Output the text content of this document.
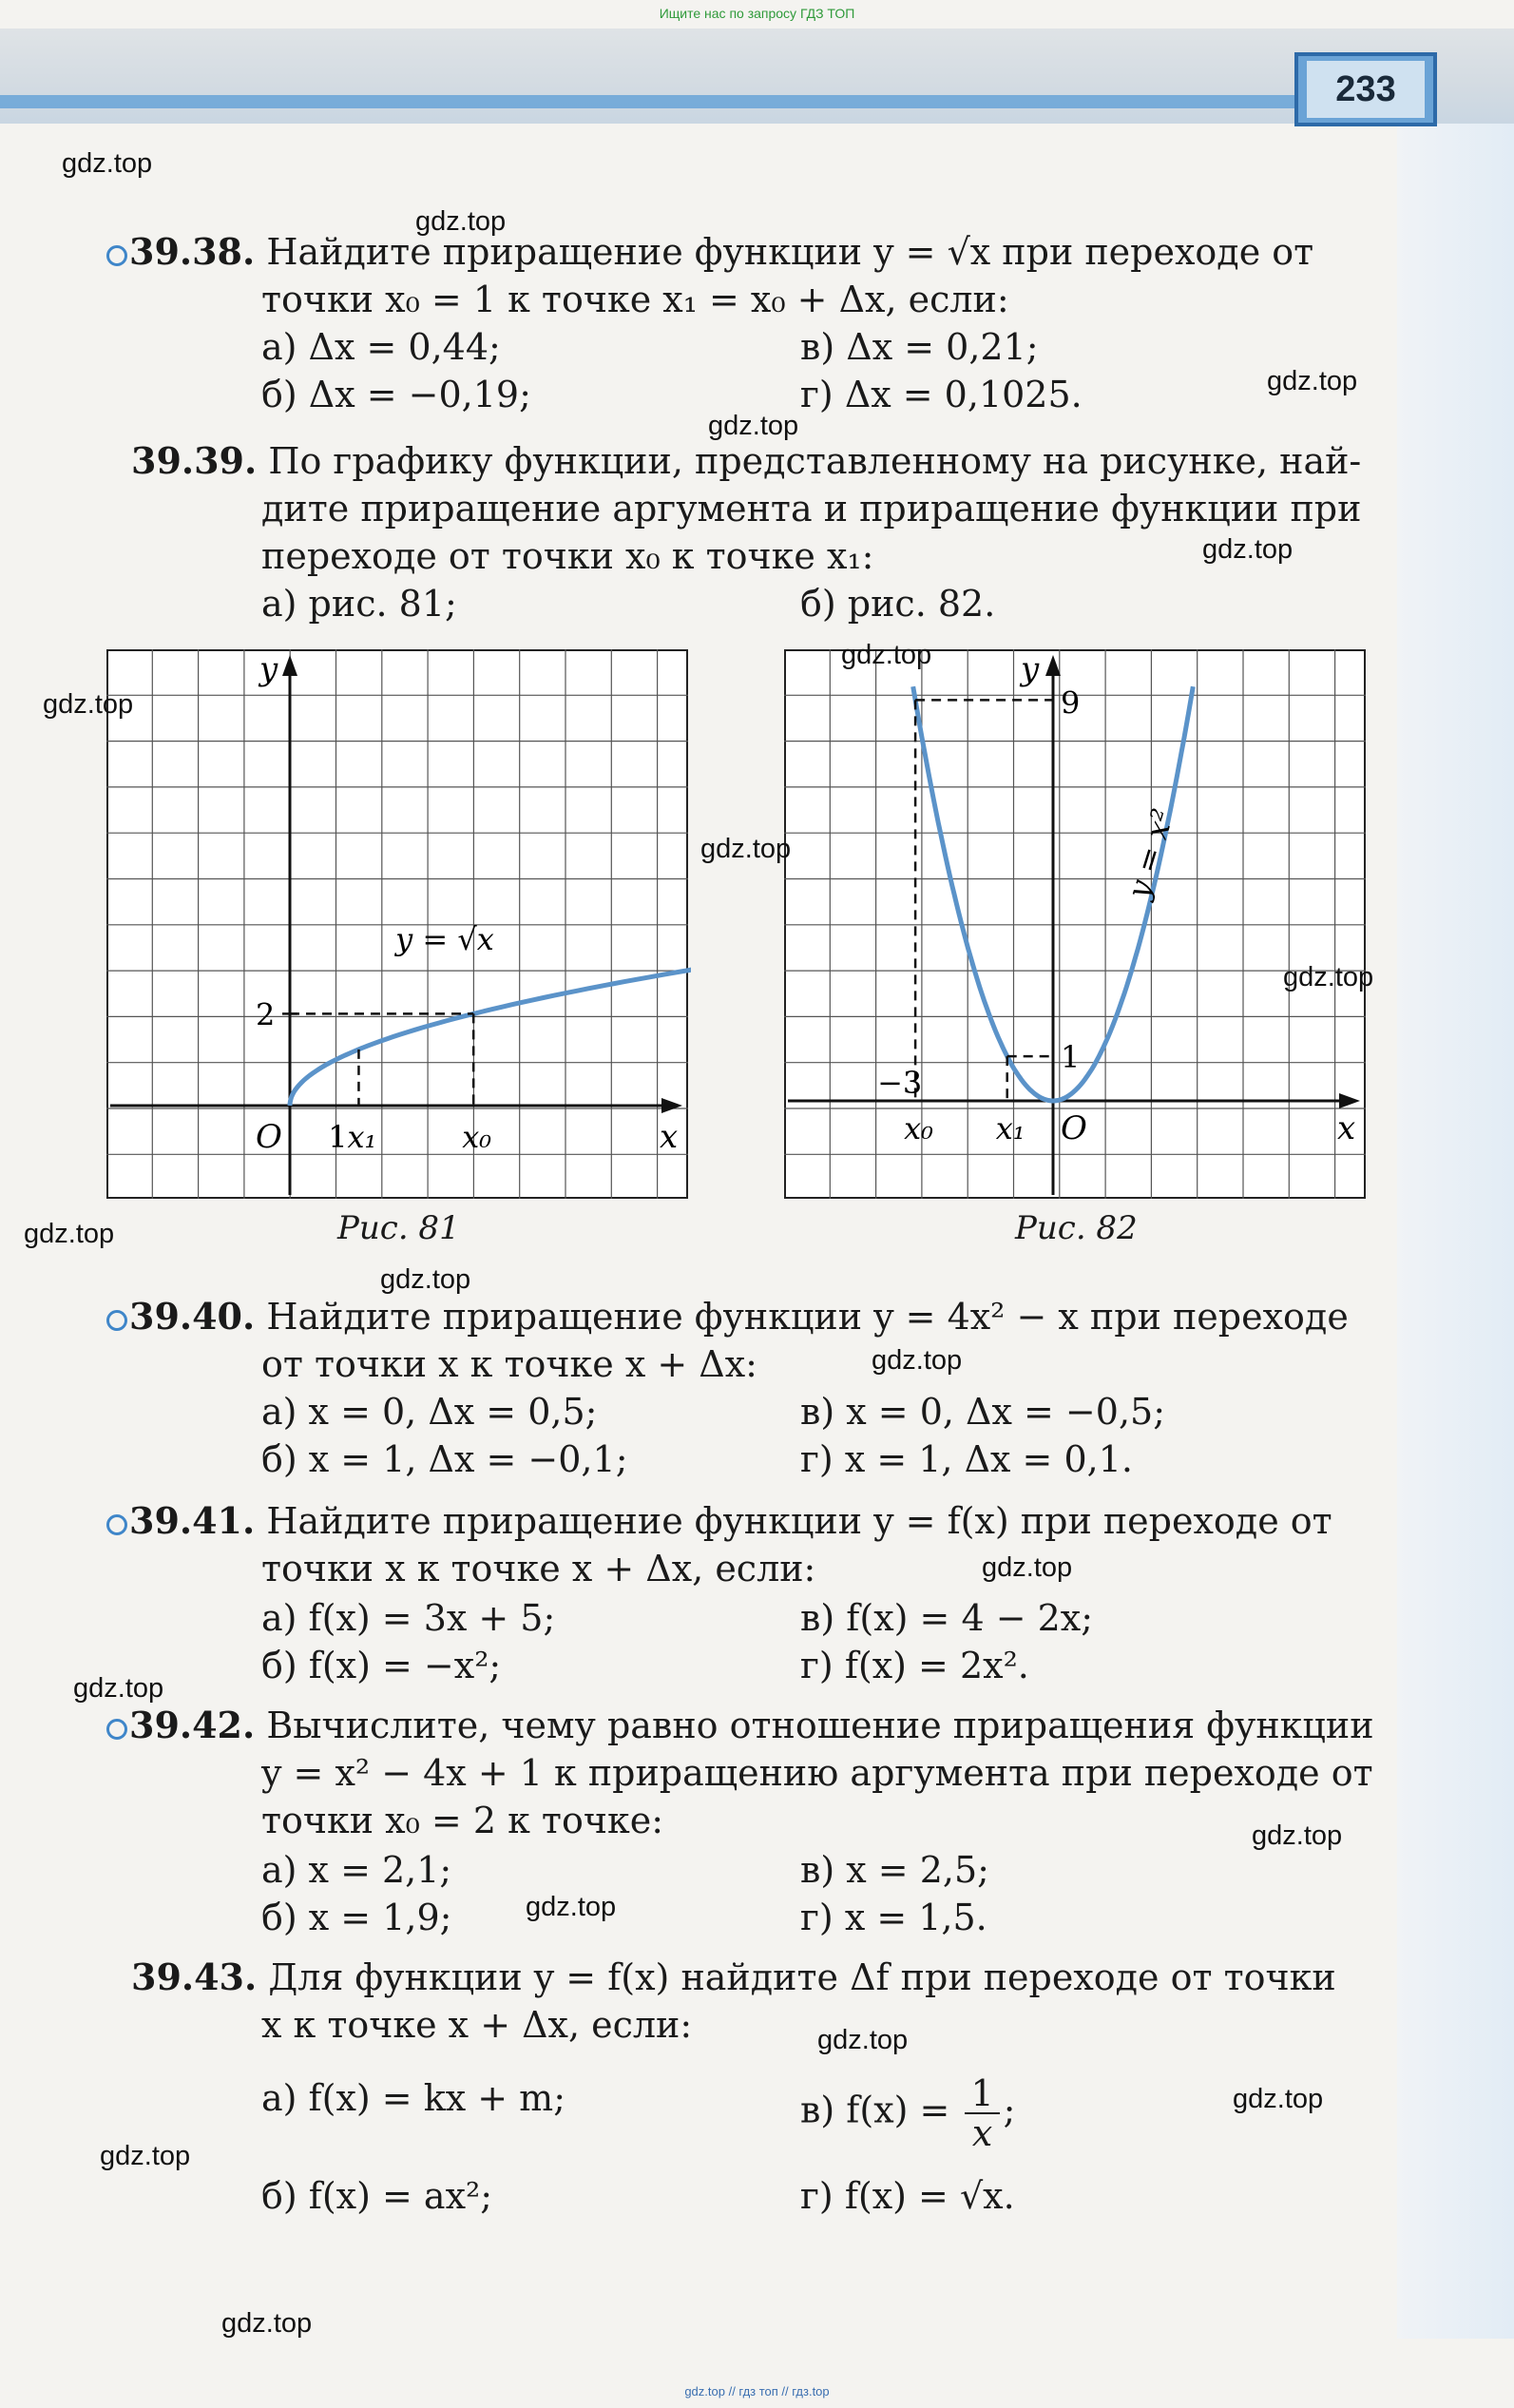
233
Ищите нас по запросу ГДЗ ТОП
gdz.top // гдз топ // гдз.top
39.38. Найдите приращение функции y = √x при переходе от
точки x₀ = 1 к точке x₁ = x₀ + Δx, если:
а) Δx = 0,44;
б) Δx = −0,19;
в) Δx = 0,21;
г) Δx = 0,1025.
39.39. По графику функции, представленному на рисунке, най-
дите приращение аргумента и приращение функции при
переходе от точки x₀ к точке x₁:
а) рис. 81;	б) рис. 82.
y
x
O 1
2
x₁	x₀
y = √x
Рис. 81
y
x
O
9
1
−3
x₀ x₁
y = x²
Рис. 82
39.40. Найдите приращение функции y = 4x² − x при переходе
от точки x к точке x + Δx:
а) x = 0, Δx = 0,5;
б) x = 1, Δx = −0,1;
в) x = 0, Δx = −0,5;
г) x = 1, Δx = 0,1.
39.41. Найдите приращение функции y = f(x) при переходе от
точки x к точке x + Δx, если:
а) f(x) = 3x + 5;
б) f(x) = −x²;
в) f(x) = 4 − 2x;
г) f(x) = 2x².
39.42. Вычислите, чему равно отношение приращения функции
y = x² − 4x + 1 к приращению аргумента при переходе от
точки x₀ = 2 к точке:
а) x = 2,1;
б) x = 1,9;
в) x = 2,5;
г) x = 1,5.
39.43. Для функции y = f(x) найдите Δf при переходе от точки
x к точке x + Δx, если:
а) f(x) = kx + m;
б) f(x) = ax²;
в) $f(x) = \frac{1}{x}$ ;
г) f(x) = √x.
gdz.top
gdz.top
gdz.top
gdz.top
gdz.top
gdz.top
gdz.top
gdz.top
gdz.top
gdz.top
gdz.top
gdz.top
gdz.top
gdz.top
gdz.top
gdz.top
gdz.top
gdz.top
gdz.top
gdz.top
